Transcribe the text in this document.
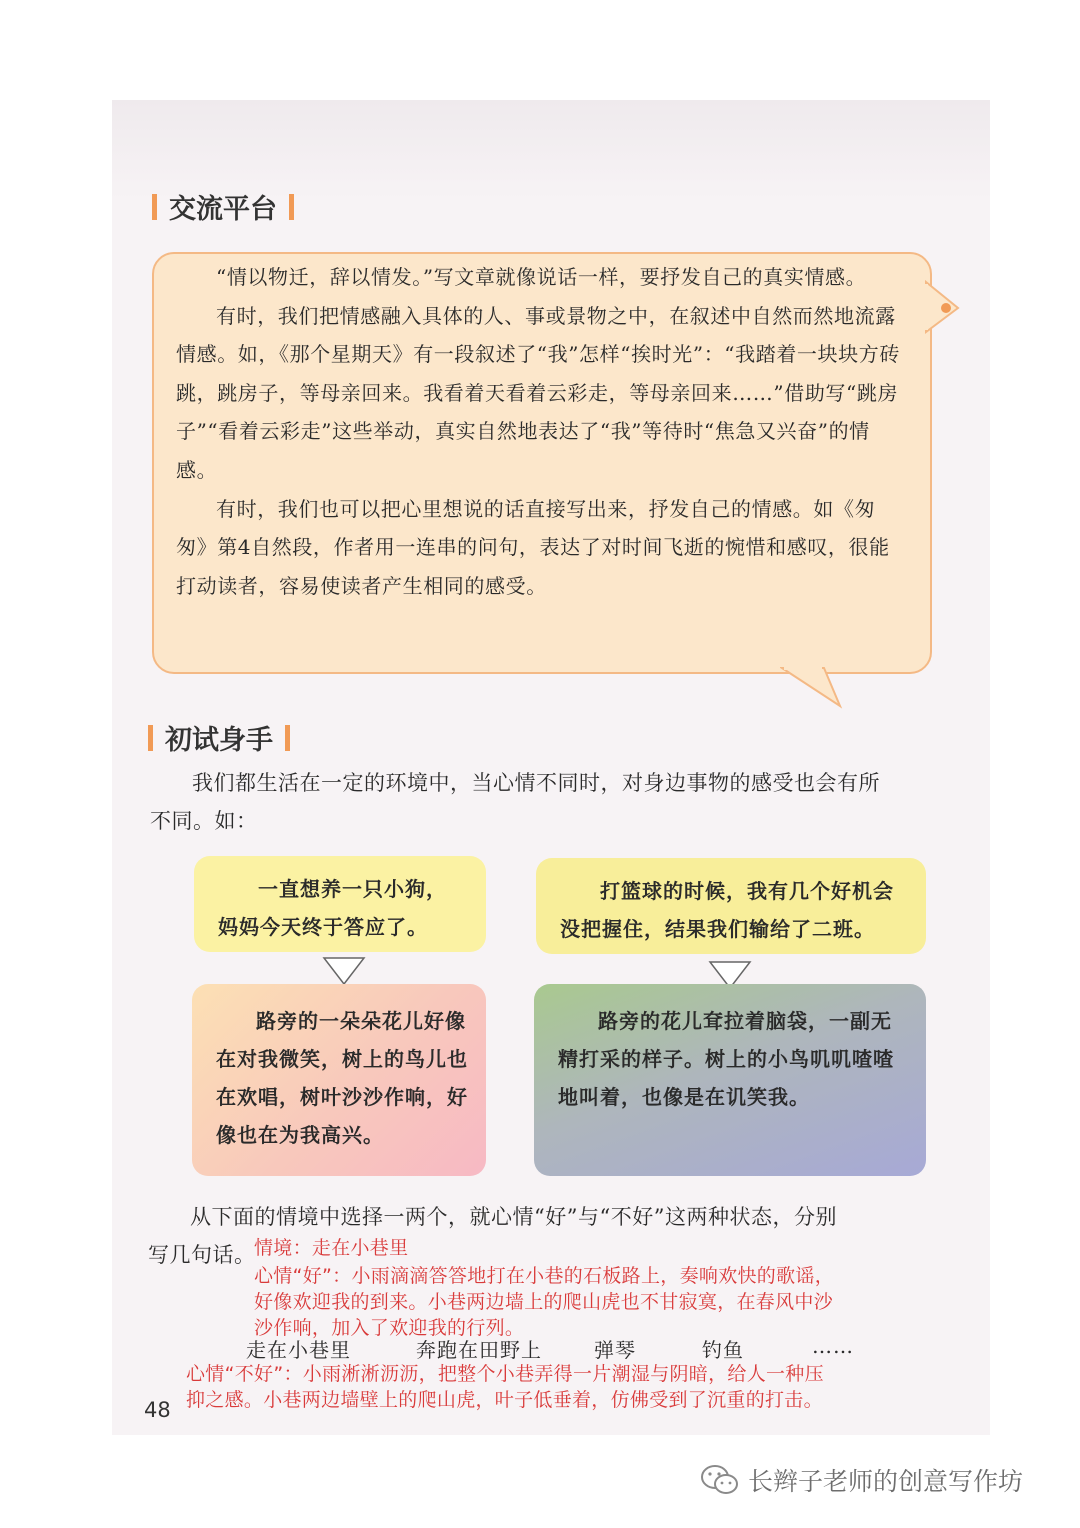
交流平台

“情以物迁，辞以情发。”写文章就像说话一样，要抒发自己的真实情感。

有时，我们把情感融入具体的人、事或景物之中，在叙述中自然而然地流露情感。如，《那个星期天》有一段叙述了“我”怎样“挨时光”：“我踏着一块块方砖跳，跳房子，等母亲回来。我看着天看着云彩走，等母亲回来……”借助写“跳房子”“看着云彩走”这些举动，真实自然地表达了“我”等待时“焦急又兴奋”的情感。

有时，我们也可以把心里想说的话直接写出来，抒发自己的情感。如《匆匆》第4自然段，作者用一连串的问句，表达了对时间飞逝的惋惜和感叹，很能打动读者，容易使读者产生相同的感受。

初试身手
我们都生活在一定的环境中，当心情不同时，对身边事物的感受也会有所
不同。如：
一直想养一只小狗，
妈妈今天终于答应了。
打篮球的时候，我有几个好机会
没把握住，结果我们输给了二班。
路旁的一朵朵花儿好像在对我微笑，树上的鸟儿也在欢唱，树叶沙沙作响，好像也在为我高兴。
路旁的花儿耷拉着脑袋，一副无精打采的样子。树上的小鸟叽叽喳喳地叫着，也像是在讥笑我。
从下面的情境中选择一两个，就心情“好”与“不好”这两种状态，分别
写几句话。
情境：走在小巷里
心情“好”：小雨滴滴答答地打在小巷的石板路上，奏响欢快的歌谣，
好像欢迎我的到来。小巷两边墙上的爬山虎也不甘寂寞，在春风中沙
沙作响，加入了欢迎我的行列。
走在小巷里	奔跑在田野上	弹琴	钓鱼	……
心情“不好”：小雨淅淅沥沥，把整个小巷弄得一片潮湿与阴暗，给人一种压
抑之感。小巷两边墙壁上的爬山虎，叶子低垂着，仿佛受到了沉重的打击。
48
长辫子老师的创意写作坊
